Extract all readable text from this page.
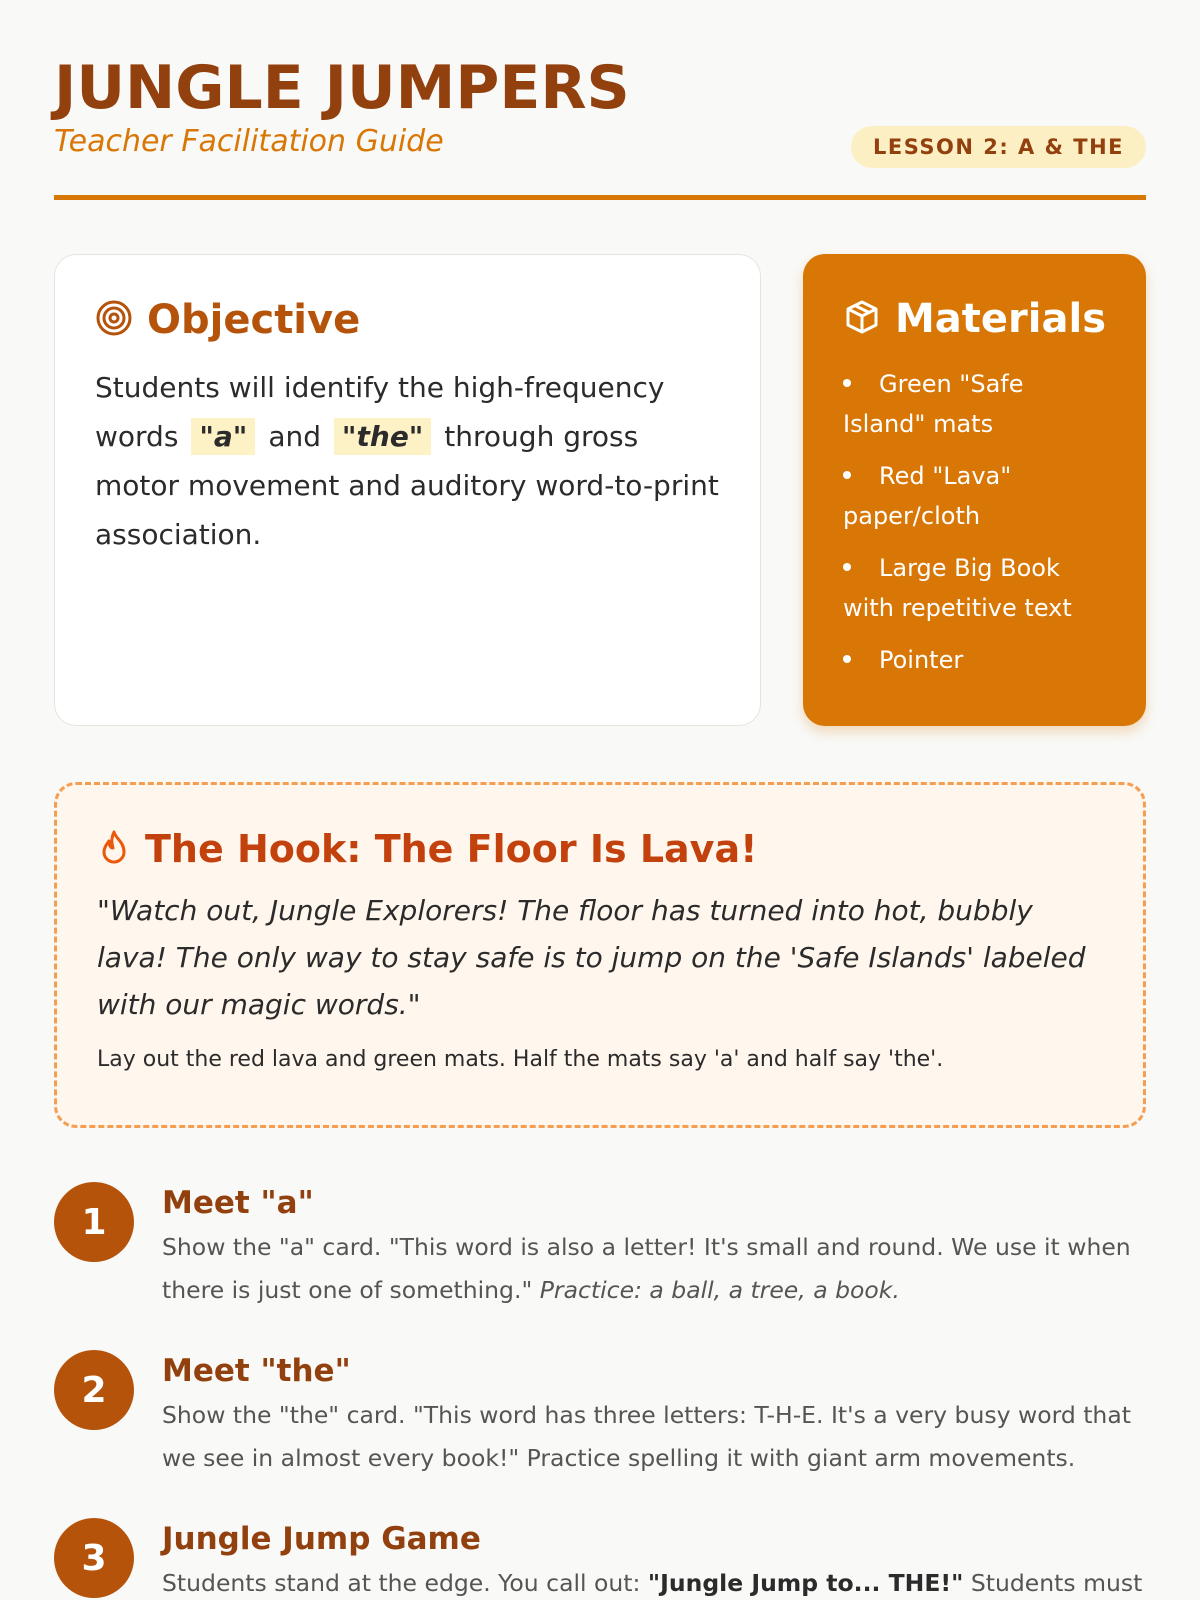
JUNGLE JUMPERS
Teacher Facilitation Guide	LESSON 2: A & THE
Objective

Students will identify the high-frequency words "a" and "the" through gross motor movement and auditory word-to-print association.

Materials
Green "Safe Island" mats
Red "Lava" paper/cloth
Large Big Book with repetitive text
Pointer
The Hook: The Floor Is Lava!

"Watch out, Jungle Explorers! The floor has turned into hot, bubbly lava! The only way to stay safe is to jump on the 'Safe Islands' labeled with our magic words."

Lay out the red lava and green mats. Half the mats say 'a' and half say 'the'.

1	Meet "a"

Show the "a" card. "This word is also a letter! It's small and round. We use it when there is just one of something." Practice: a ball, a tree, a book.

2	Meet "the"

Show the "the" card. "This word has three letters: T-H-E. It's a very busy word that we see in almost every book!" Practice spelling it with giant arm movements.

3	Jungle Jump Game

Students stand at the edge. You call out: "Jungle Jump to... THE!" Students must
